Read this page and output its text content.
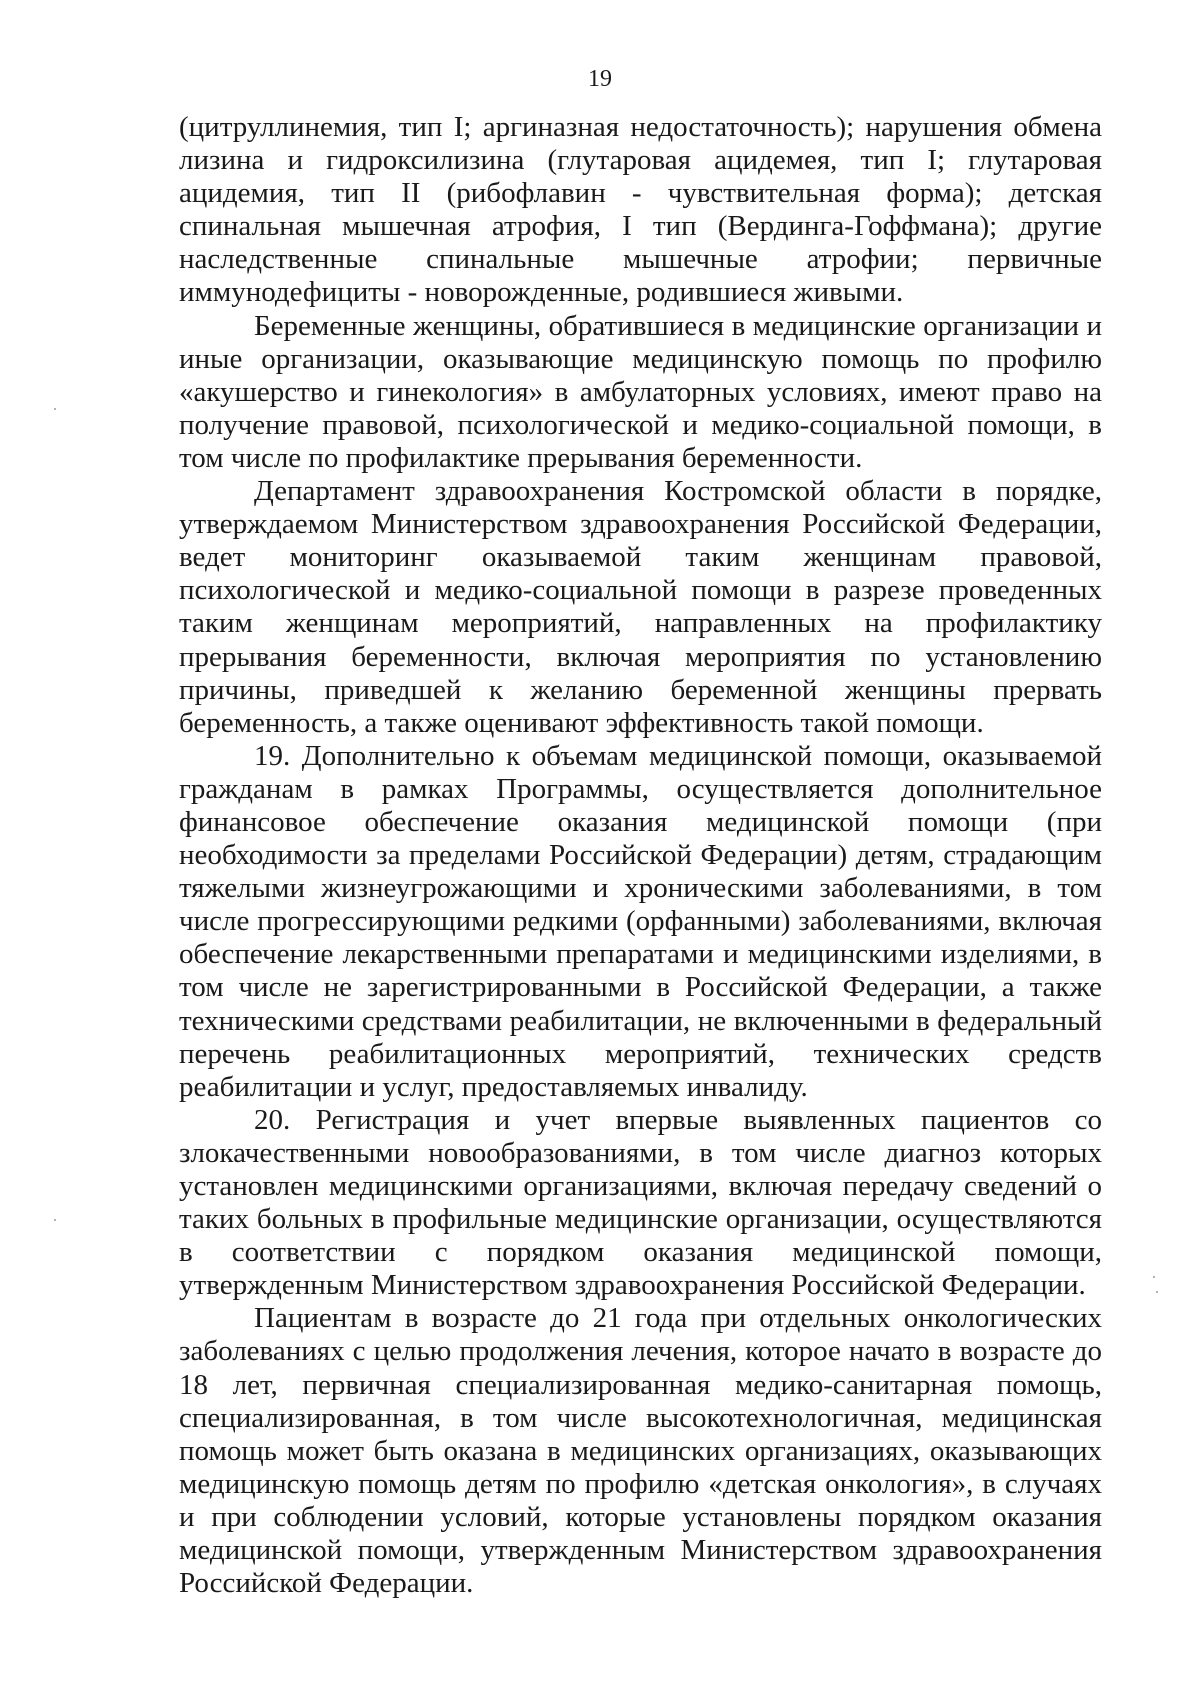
19

(цитруллинемия, тип I; аргиназная недостаточность); нарушения обмена лизина и гидроксилизина (глутаровая ацидемея, тип I; глутаровая ацидемия, тип II (рибофлавин - чувствительная форма); детская спинальная мышечная атрофия, I тип (Вердинга-Гоффмана); другие наследственные спинальные мышечные атрофии; первичные иммунодефициты - новорожденные, родившиеся живыми.

Беременные женщины, обратившиеся в медицинские организации и иные организации, оказывающие медицинскую помощь по профилю «акушерство и гинекология» в амбулаторных условиях, имеют право на получение правовой, психологической и медико-социальной помощи, в том числе по профилактике прерывания беременности.

Департамент здравоохранения Костромской области в порядке, утверждаемом Министерством здравоохранения Российской Федерации, ведет мониторинг оказываемой таким женщинам правовой, психологической и медико-социальной помощи в разрезе проведенных таким женщинам мероприятий, направленных на профилактику прерывания беременности, включая мероприятия по установлению причины, приведшей к желанию беременной женщины прервать беременность, а также оценивают эффективность такой помощи.

19. Дополнительно к объемам медицинской помощи, оказываемой гражданам в рамках Программы, осуществляется дополнительное финансовое обеспечение оказания медицинской помощи (при необходимости за пределами Российской Федерации) детям, страдающим тяжелыми жизнеугрожающими и хроническими заболеваниями, в том числе прогрессирующими редкими (орфанными) заболеваниями, включая обеспечение лекарственными препаратами и медицинскими изделиями, в том числе не зарегистрированными в Российской Федерации, а также техническими средствами реабилитации, не включенными в федеральный перечень реабилитационных мероприятий, технических средств реабилитации и услуг, предоставляемых инвалиду.

20. Регистрация и учет впервые выявленных пациентов со злокачественными новообразованиями, в том числе диагноз которых установлен медицинскими организациями, включая передачу сведений о таких больных в профильные медицинские организации, осуществляются в соответствии с порядком оказания медицинской помощи, утвержденным Министерством здравоохранения Российской Федерации.

Пациентам в возрасте до 21 года при отдельных онкологических заболеваниях с целью продолжения лечения, которое начато в возрасте до 18 лет, первичная специализированная медико-санитарная помощь, специализированная, в том числе высокотехнологичная, медицинская помощь может быть оказана в медицинских организациях, оказывающих медицинскую помощь детям по профилю «детская онкология», в случаях и при соблюдении условий, которые установлены порядком оказания медицинской помощи, утвержденным Министерством здравоохранения Российской Федерации.
